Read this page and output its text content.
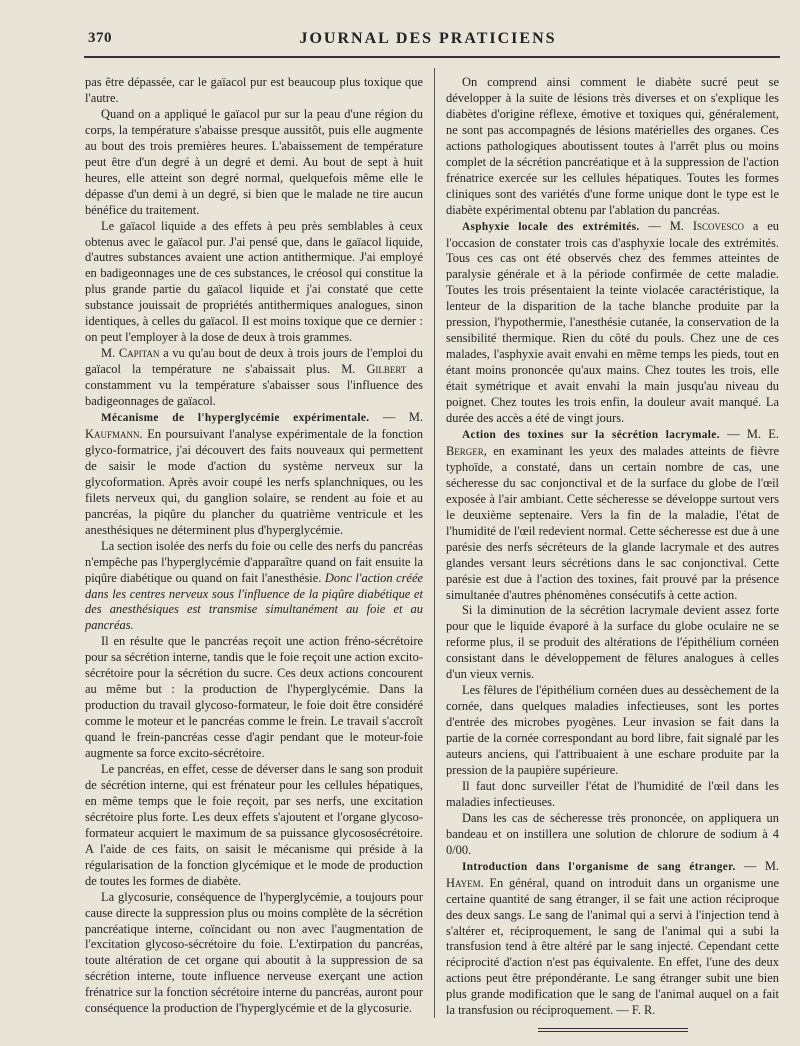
370	JOURNAL DES PRATICIENS

pas être dépassée, car le gaïacol pur est beaucoup plus toxique que l'autre.

Quand on a appliqué le gaïacol pur sur la peau d'une région du corps, la température s'abaisse presque aussitôt, puis elle augmente au bout des trois premières heures. L'abaissement de température peut être d'un degré à un degré et demi. Au bout de sept à huit heures, elle atteint son degré normal, quelquefois même elle le dépasse d'un demi à un degré, si bien que le malade ne tire aucun bénéfice du traitement.

Le gaïacol liquide a des effets à peu près semblables à ceux obtenus avec le gaïacol pur. J'ai pensé que, dans le gaïacol liquide, d'autres substances avaient une action antithermique. J'ai employé en badigeonnages une de ces substances, le créosol qui constitue la plus grande partie du gaïacol liquide et j'ai constaté que cette substance jouissait de propriétés antithermiques analogues, sinon identiques, à celles du gaïacol. Il est moins toxique que ce dernier : on peut l'employer à la dose de deux à trois grammes.

M. Capitan a vu qu'au bout de deux à trois jours de l'emploi du gaïacol la température ne s'abaissait plus. M. Gilbert a constamment vu la température s'abaisser sous l'influence des badigeonnages de gaïacol.

Mécanisme de l'hyperglycémie expérimentale. — M. Kaufmann. En poursuivant l'analyse expérimentale de la fonction glyco-formatrice, j'ai découvert des faits nouveaux qui permettent de saisir le mode d'action du système nerveux sur la glycoformation. Après avoir coupé les nerfs splanchniques, ou les filets nerveux qui, du ganglion solaire, se rendent au foie et au pancréas, la piqûre du plancher du quatrième ventricule et les anesthésiques ne déterminent plus d'hyperglycémie.

La section isolée des nerfs du foie ou celle des nerfs du pancréas n'empêche pas l'hyperglycémie d'apparaître quand on fait ensuite la piqûre diabétique ou quand on fait l'anesthésie. Donc l'action créée dans les centres nerveux sous l'influence de la piqûre diabétique et des anesthésiques est transmise simultanément au foie et au pancréas.

Il en résulte que le pancréas reçoit une action fréno-sécrétoire pour sa sécrétion interne, tandis que le foie reçoit une action excito-sécrétoire pour la sécrétion du sucre. Ces deux actions concourent au même but : la production de l'hyperglycémie. Dans la production du travail glycoso-formateur, le foie doit être considéré comme le moteur et le pancréas comme le frein. Le travail s'accroît quand le frein-pancréas cesse d'agir pendant que le moteur-foie augmente sa force excito-sécrétoire.

Le pancréas, en effet, cesse de déverser dans le sang son produit de sécrétion interne, qui est frénateur pour les cellules hépatiques, en même temps que le foie reçoit, par ses nerfs, une excitation sécrétoire plus forte. Les deux effets s'ajoutent et l'organe glycoso-formateur acquiert le maximum de sa puissance glycososécrétoire. A l'aide de ces faits, on saisit le mécanisme qui préside à la régularisation de la fonction glycémique et le mode de production de toutes les formes de diabète.

La glycosurie, conséquence de l'hyperglycémie, a toujours pour cause directe la suppression plus ou moins complète de la sécrétion pancréatique interne, coïncidant ou non avec l'augmentation de l'excitation glycoso-sécrétoire du foie. L'extirpation du pancréas, toute altération de cet organe qui aboutit à la suppression de sa sécrétion interne, toute influence nerveuse exerçant une action frénatrice sur la fonction sécrétoire interne du pancréas, auront pour conséquence la production de l'hyperglycémie et de la glycosurie.

On comprend ainsi comment le diabète sucré peut se développer à la suite de lésions très diverses et on s'explique les diabètes d'origine réflexe, émotive et toxiques qui, généralement, ne sont pas accompagnés de lésions matérielles des organes. Ces actions pathologiques aboutissent toutes à l'arrêt plus ou moins complet de la sécrétion pancréatique et à la suppression de l'action frénatrice exercée sur les cellules hépatiques. Toutes les formes cliniques sont des variétés d'une forme unique dont le type est le diabète expérimental obtenu par l'ablation du pancréas.

Asphyxie locale des extrémités. — M. Iscovesco a eu l'occasion de constater trois cas d'asphyxie locale des extrémités. Tous ces cas ont été observés chez des femmes atteintes de paralysie générale et à la période confirmée de cette maladie. Toutes les trois présentaient la teinte violacée caractéristique, la lenteur de la disparition de la tache blanche produite par la pression, l'hypothermie, l'anesthésie cutanée, la conservation de la sensibilité thermique. Rien du côté du pouls. Chez une de ces malades, l'asphyxie avait envahi en même temps les pieds, tout en étant moins prononcée qu'aux mains. Chez toutes les trois, elle était symétrique et avait envahi la main jusqu'au niveau du poignet. Chez toutes les trois enfin, la douleur avait manqué. La durée des accès a été de vingt jours.

Action des toxines sur la sécrétion lacrymale. — M. E. Berger, en examinant les yeux des malades atteints de fièvre typhoïde, a constaté, dans un certain nombre de cas, une sécheresse du sac conjonctival et de la surface du globe de l'œil exposée à l'air ambiant. Cette sécheresse se développe surtout vers le deuxième septenaire. Vers la fin de la maladie, l'état de l'humidité de l'œil redevient normal. Cette sécheresse est due à une parésie des nerfs sécréteurs de la glande lacrymale et des autres glandes versant leurs sécrétions dans le sac conjonctival. Cette parésie est due à l'action des toxines, fait prouvé par la présence simultanée d'autres phénomènes consécutifs à cette action.

Si la diminution de la sécrétion lacrymale devient assez forte pour que le liquide évaporé à la surface du globe oculaire ne se reforme plus, il se produit des altérations de l'épithélium cornéen consistant dans le développement de fêlures analogues à celles d'un vieux vernis.

Les fêlures de l'épithélium cornéen dues au dessèchement de la cornée, dans quelques maladies infectieuses, sont les portes d'entrée des microbes pyogènes. Leur invasion se fait dans la partie de la cornée correspondant au bord libre, fait signalé par les auteurs anciens, qui l'attribuaient à une eschare produite par la pression de la paupière supérieure.

Il faut donc surveiller l'état de l'humidité de l'œil dans les maladies infectieuses.

Dans les cas de sécheresse très prononcée, on appliquera un bandeau et on instillera une solution de chlorure de sodium à 4 0/00.

Introduction dans l'organisme de sang étranger. — M. Hayem. En général, quand on introduit dans un organisme une certaine quantité de sang étranger, il se fait une action réciproque des deux sangs. Le sang de l'animal qui a servi à l'injection tend à s'altérer et, réciproquement, le sang de l'animal qui a subi la transfusion tend à être altéré par le sang injecté. Cependant cette réciprocité d'action n'est pas équivalente. En effet, l'une des deux actions peut être prépondérante. Le sang étranger subit une bien plus grande modification que le sang de l'animal auquel on a fait la transfusion ou réciproquement. — F. R.
